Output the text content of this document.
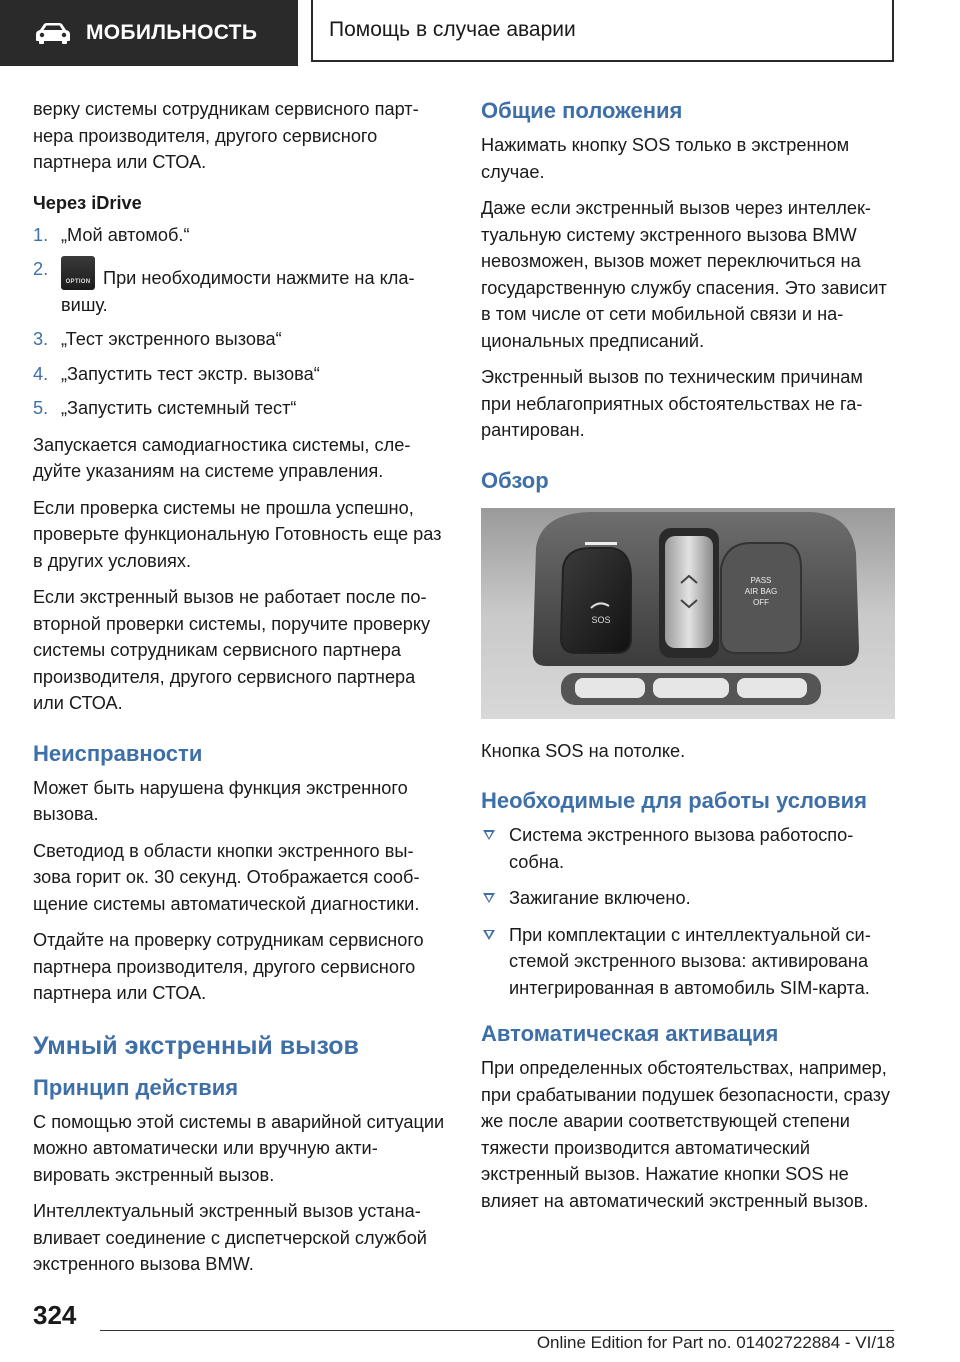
МОБИЛЬНОСТЬ	Помощь в случае аварии

верку системы сотрудникам сервисного партнера производителя, другого сервисного партнера или СТОА.

Через iDrive
1. „Мой автомоб.“
2.
OPTION При необходимости нажмите на клавишу.
3. „Тест экстренного вызова“
4. „Запустить тест экстр. вызова“
5. „Запустить системный тест“

Запускается самодиагностика системы, следуйте указаниям на системе управления.

Если проверка системы не прошла успешно, проверьте функциональную Готовность еще раз в других условиях.

Если экстренный вызов не работает после повторной проверки системы, поручите проверку системы сотрудникам сервисного партнера производителя, другого сервисного партнера или СТОА.

Неисправности

Может быть нарушена функция экстренного вызова.

Светодиод в области кнопки экстренного вызова горит ок. 30 секунд. Отображается сообщение системы автоматической диагностики.

Отдайте на проверку сотрудникам сервисного партнера производителя, другого сервисного партнера или СТОА.

Умный экстренный вызов
Принцип действия

С помощью этой системы в аварийной ситуации можно автоматически или вручную активировать экстренный вызов.

Интеллектуальный экстренный вызов устанавливает соединение с диспетчерской службой экстренного вызова BMW.

Общие положения

Нажимать кнопку SOS только в экстренном случае.

Даже если экстренный вызов через интеллектуальную систему экстренного вызова BMW невозможен, вызов может переключиться на государственную службу спасения. Это зависит в том числе от сети мобильной связи и национальных предписаний.

Экстренный вызов по техническим причинам при неблагоприятных обстоятельствах не гарантирован.

Обзор
SOS
PASS
AIR BAG
OFF

Кнопка SOS на потолке.

Необходимые для работы условия
Система экстренного вызова работоспособна.
Зажигание включено.
При комплектации с интеллектуальной системой экстренного вызова: активирована интегрированная в автомобиль SIM-карта.
Автоматическая активация

При определенных обстоятельствах, например, при срабатывании подушек безопасности, сразу же после аварии соответствующей степени тяжести производится автоматический экстренный вызов. Нажатие кнопки SOS не влияет на автоматический экстренный вызов.

324
Online Edition for Part no. 01402722884 - VI/18
